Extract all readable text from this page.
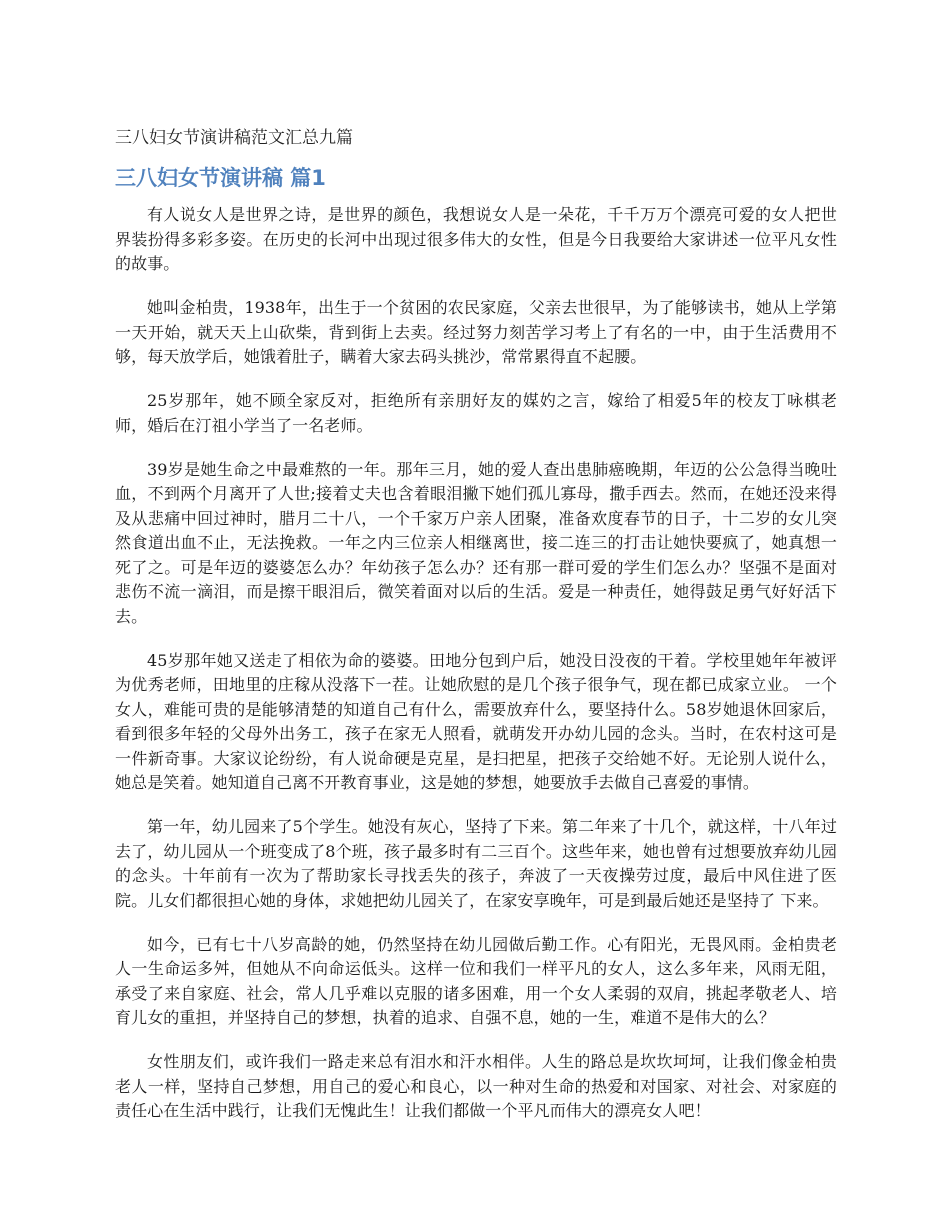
三八妇女节演讲稿范文汇总九篇
三八妇女节演讲稿 篇1

有人说女人是世界之诗，是世界的颜色，我想说女人是一朵花，千千万万个漂亮可爱的女人把世界装扮得多彩多姿。在历史的长河中出现过很多伟大的女性，但是今日我要给大家讲述一位平凡女性的故事。

她叫金柏贵，1938年，出生于一个贫困的农民家庭，父亲去世很早，为了能够读书，她从上学第一天开始，就天天上山砍柴，背到街上去卖。经过努力刻苦学习考上了有名的一中，由于生活费用不够，每天放学后，她饿着肚子，瞒着大家去码头挑沙，常常累得直不起腰。

25岁那年，她不顾全家反对，拒绝所有亲朋好友的媒妁之言，嫁给了相爱5年的校友丁咏棋老师，婚后在汀祖小学当了一名老师。

39岁是她生命之中最难熬的一年。那年三月，她的爱人查出患肺癌晚期，年迈的公公急得当晚吐血，不到两个月离开了人世;接着丈夫也含着眼泪撇下她们孤儿寡母，撒手西去。然而，在她还没来得及从悲痛中回过神时，腊月二十八，一个千家万户亲人团聚，准备欢度春节的日子，十二岁的女儿突然食道出血不止，无法挽救。一年之内三位亲人相继离世，接二连三的打击让她快要疯了，她真想一死了之。可是年迈的婆婆怎么办？年幼孩子怎么办？还有那一群可爱的学生们怎么办？坚强不是面对悲伤不流一滴泪，而是擦干眼泪后，微笑着面对以后的生活。爱是一种责任，她得鼓足勇气好好活下去。

45岁那年她又送走了相依为命的婆婆。田地分包到户后，她没日没夜的干着。学校里她年年被评为优秀老师，田地里的庄稼从没落下一茬。让她欣慰的是几个孩子很争气，现在都已成家立业。 一个女人，难能可贵的是能够清楚的知道自己有什么，需要放弃什么，要坚持什么。58岁她退休回家后，看到很多年轻的父母外出务工，孩子在家无人照看，就萌发开办幼儿园的念头。当时，在农村这可是一件新奇事。大家议论纷纷，有人说命硬是克星，是扫把星，把孩子交给她不好。无论别人说什么，她总是笑着。她知道自己离不开教育事业，这是她的梦想，她要放手去做自己喜爱的事情。

第一年，幼儿园来了5个学生。她没有灰心，坚持了下来。第二年来了十几个，就这样，十八年过去了，幼儿园从一个班变成了8个班，孩子最多时有二三百个。这些年来，她也曾有过想要放弃幼儿园的念头。十年前有一次为了帮助家长寻找丢失的孩子，奔波了一天夜操劳过度，最后中风住进了医院。儿女们都很担心她的身体，求她把幼儿园关了，在家安享晚年，可是到最后她还是坚持了 下来。

如今，已有七十八岁高龄的她，仍然坚持在幼儿园做后勤工作。心有阳光，无畏风雨。金柏贵老人一生命运多舛，但她从不向命运低头。这样一位和我们一样平凡的女人，这么多年来，风雨无阻，承受了来自家庭、社会，常人几乎难以克服的诸多困难，用一个女人柔弱的双肩，挑起孝敬老人、培育儿女的重担，并坚持自己的梦想，执着的追求、自强不息，她的一生，难道不是伟大的么？

女性朋友们，或许我们一路走来总有泪水和汗水相伴。人生的路总是坎坎坷坷，让我们像金柏贵老人一样，坚持自己梦想，用自己的爱心和良心，以一种对生命的热爱和对国家、对社会、对家庭的责任心在生活中践行，让我们无愧此生！让我们都做一个平凡而伟大的漂亮女人吧！
